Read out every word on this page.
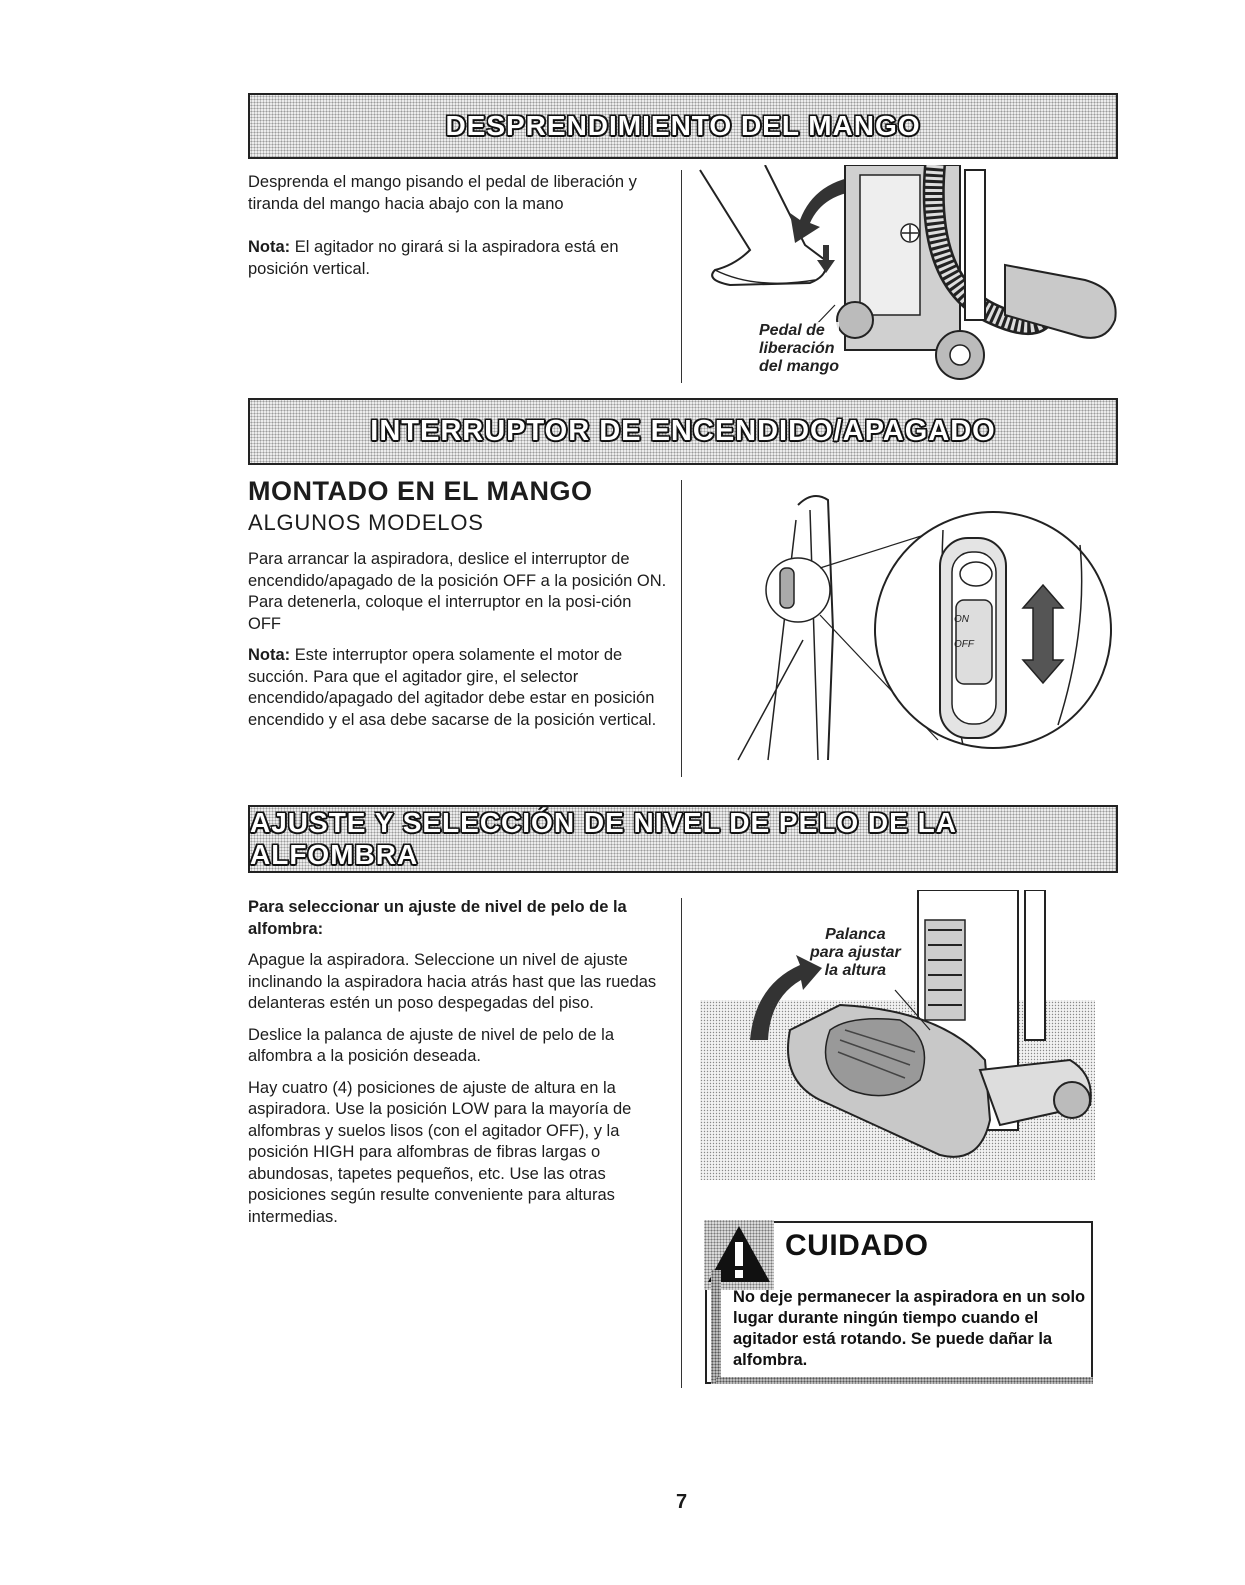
DESPRENDIMIENTO DEL MANGO

Desprenda el mango pisando el pedal de liberación y tiranda del mango hacia abajo con la mano

Nota: El agitador no girará si la aspiradora está en posición vertical.

Pedal de
liberación
del mango
INTERRUPTOR DE ENCENDIDO/APAGADO
MONTADO EN EL MANGO
ALGUNOS MODELOS

Para arrancar la aspiradora, deslice el interruptor de encendido/apagado de la posición OFF a la posición ON. Para detenerla, coloque el interruptor en la posi-ción OFF

Nota: Este interruptor opera solamente el motor de succión. Para que el agitador gire, el selector encendido/apagado del agitador debe estar en posición encendido y el asa debe sacarse de la posición vertical.

ON
OFF
AJUSTE Y SELECCIÓN DE NIVEL DE PELO DE LA ALFOMBRA

Para seleccionar un ajuste de nivel de pelo de la alfombra:

Apague la aspiradora. Seleccione un nivel de ajuste inclinando la aspiradora hacia atrás hast que las ruedas delanteras estén un poso despegadas del piso.

Deslice la palanca de ajuste de nivel de pelo de la alfombra a la posición deseada.

Hay cuatro (4) posiciones de ajuste de altura en la aspiradora. Use la posición LOW para la mayoría de alfombras y suelos lisos (con el agitador OFF), y la posición HIGH para alfombras de fibras largas o abundosas, tapetes pequeños, etc. Use las otras posiciones según resulte conveniente para alturas intermedias.

Palanca
para ajustar
la altura
CUIDADO
No deje permanecer la aspiradora en un solo lugar durante ningún tiempo cuando el agitador está rotando. Se puede dañar la alfombra.
7
